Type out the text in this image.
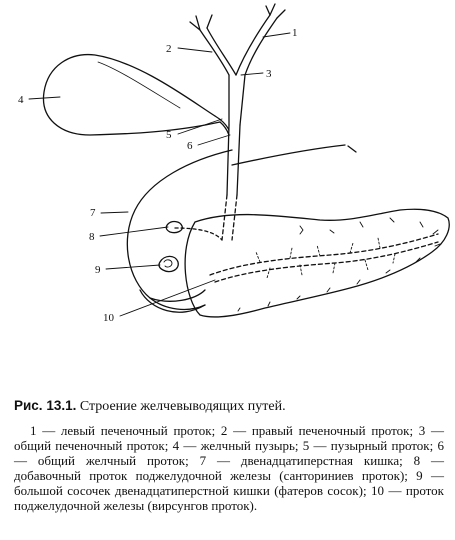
1
2
3
4
5
6
7
8
9
10

Рис. 13.1. Строение желчевыводящих путей.

1 — левый печеночный проток; 2 — правый печеночный проток; 3 — общий печеночный проток; 4 — желчный пузырь; 5 — пузырный проток; 6 — общий желчный проток; 7 — двенадцатиперстная кишка; 8 — добавочный проток поджелудочной железы (санториниев проток); 9 — большой сосочек двенадцатиперстной кишки (фатеров сосок); 10 — проток поджелудочной железы (вирсунгов проток).
